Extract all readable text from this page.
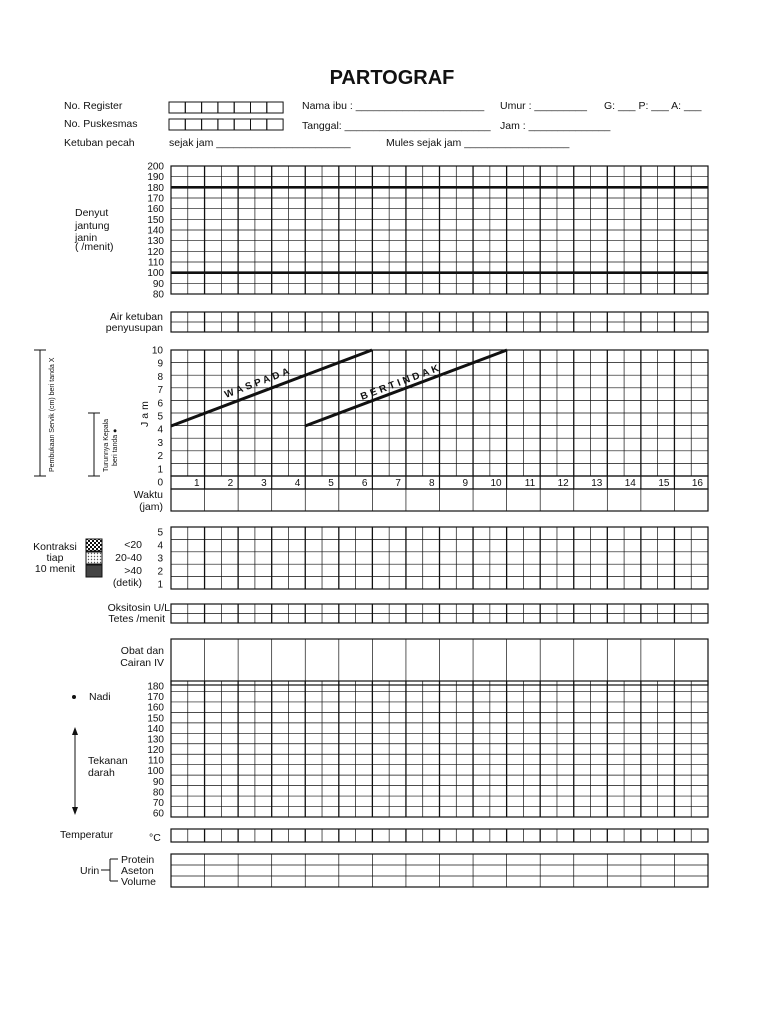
PARTOGRAF
No. Register	Nama ibu : ______________________ Umur : _________ G: ___ P: ___ A: ___
No. Puskesmas	Tanggal: _________________________ Jam : ______________
Ketuban pecah	sejak jam _______________________	Mules sejak jam __________________
200
190
180
170
160
150
140
130
120
110
100
90
80
Denyut
jantung
janin
( /menit)
Air ketuban
penyusupan
10
9
8
7
6
5
4
3
2
1
0
WASPADA	BERTINDAK
Pembukaan Servik (cm) beri tanda X	Turunnya Kepala beri tanda ●
Jam
1	2	3	4	5	6	7	8	9 10 11 12 13 14 15 16
Waktu
(jam)
5
4
3
2
1
Kontraksi
tiap
10 menit
<20
20-40
>40
(detik)
Oksitosin U/L
Tetes /menit
Obat dan
Cairan IV
180
170
160
150
140
130
120
110
100
90
80
70
60
Nadi
Tekanan
darah
Temperatur	°C
Urin
Protein
Aseton
Volume
